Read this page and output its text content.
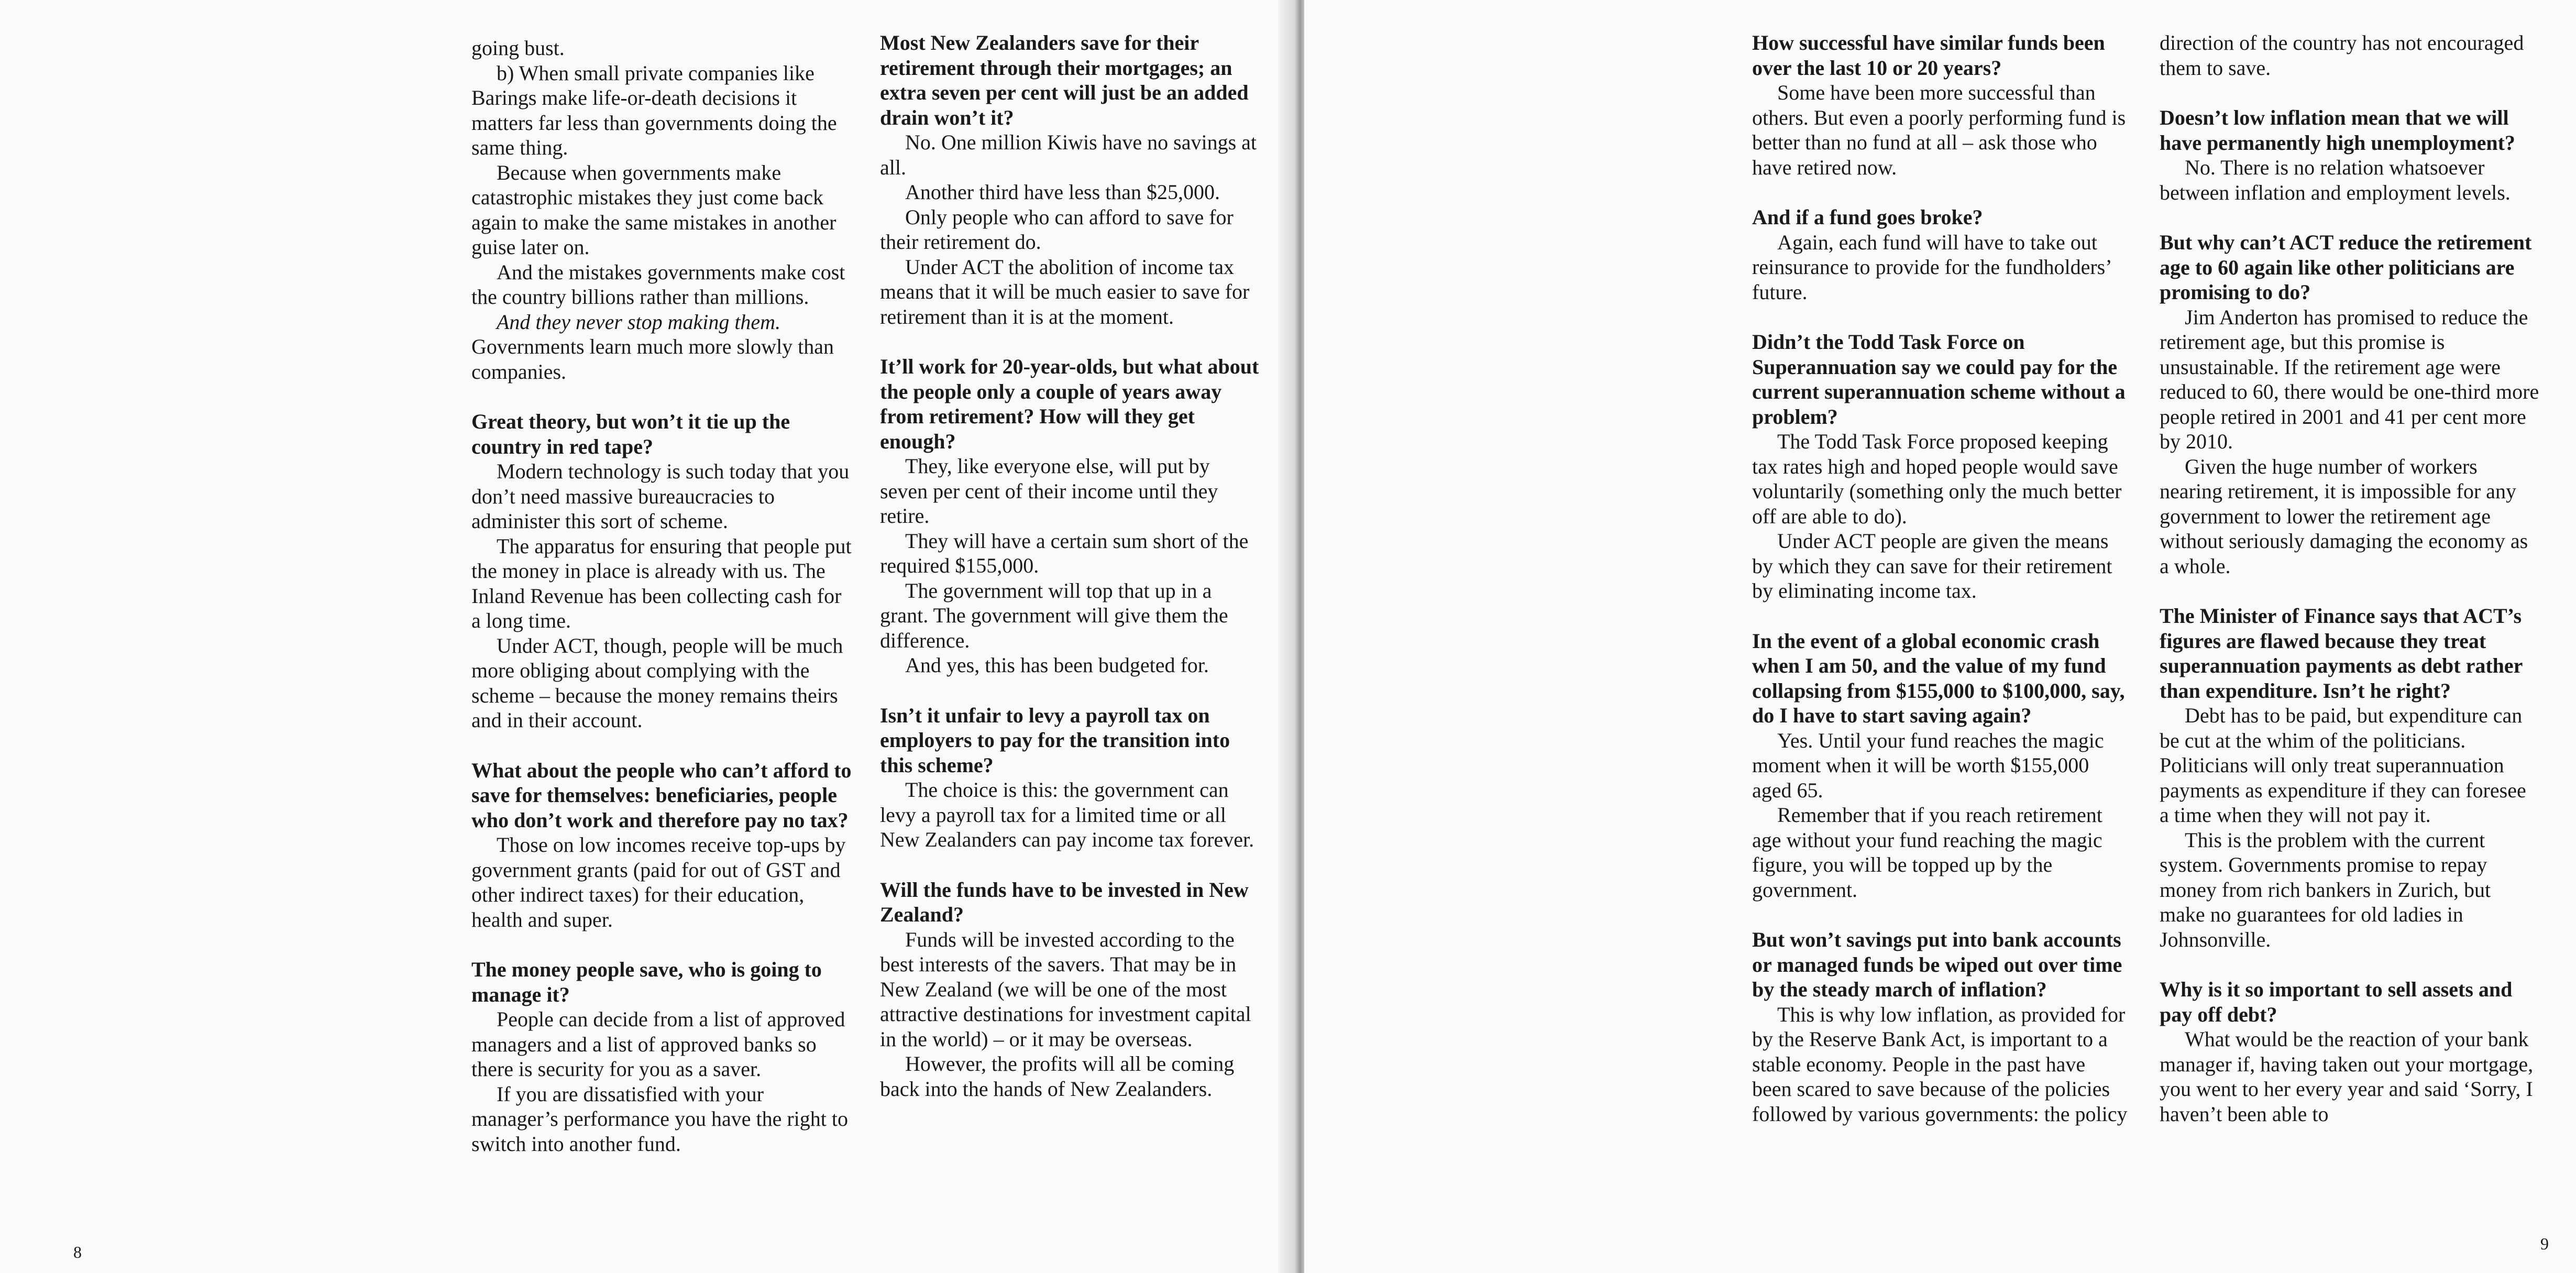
going bust.

b) When small private companies like Barings make life-or-death decisions it matters far less than governments doing the same thing.

Because when governments make catastrophic mistakes they just come back again to make the same mistakes in another guise later on.

And the mistakes governments make cost the country billions rather than millions.

And they never stop making them. Governments learn much more slowly than companies.

Great theory, but won’t it tie up the country in red tape?

Modern technology is such today that you don’t need massive bureaucracies to administer this sort of scheme.

The apparatus for ensuring that people put the money in place is already with us. The Inland Revenue has been collecting cash for a long time.

Under ACT, though, people will be much more obliging about complying with the scheme – because the money remains theirs and in their account.

What about the people who can’t afford to save for themselves: beneficiaries, people who don’t work and therefore pay no tax?

Those on low incomes receive top-ups by government grants (paid for out of GST and other indirect taxes) for their education, health and super.

The money people save, who is going to manage it?

People can decide from a list of approved managers and a list of approved banks so there is security for you as a saver.

If you are dissatisfied with your manager’s performance you have the right to switch into another fund.

Most New Zealanders save for their retirement through their mortgages; an extra seven per cent will just be an added drain won’t it?

No. One million Kiwis have no savings at all.

Another third have less than $25,000.

Only people who can afford to save for their retirement do.

Under ACT the abolition of income tax means that it will be much easier to save for retirement than it is at the moment.

It’ll work for 20-year-olds, but what about the people only a couple of years away from retirement? How will they get enough?

They, like everyone else, will put by seven per cent of their income until they retire.

They will have a certain sum short of the required $155,000.

The government will top that up in a grant. The government will give them the difference.

And yes, this has been budgeted for.

Isn’t it unfair to levy a payroll tax on employers to pay for the transition into this scheme?

The choice is this: the government can levy a payroll tax for a limited time or all New Zealanders can pay income tax forever.

Will the funds have to be invested in New Zealand?

Funds will be invested according to the best interests of the savers. That may be in New Zealand (we will be one of the most attractive destinations for investment capital in the world) – or it may be overseas.

However, the profits will all be coming back into the hands of New Zealanders.

8
How successful have similar funds been over the last 10 or 20 years?

Some have been more successful than others. But even a poorly performing fund is better than no fund at all – ask those who have retired now.

And if a fund goes broke?

Again, each fund will have to take out reinsurance to provide for the fundholders’ future.

Didn’t the Todd Task Force on Superannuation say we could pay for the current superannuation scheme without a problem?

The Todd Task Force proposed keeping tax rates high and hoped people would save voluntarily (something only the much better off are able to do).

Under ACT people are given the means by which they can save for their retirement by eliminating income tax.

In the event of a global economic crash when I am 50, and the value of my fund collapsing from $155,000 to $100,000, say, do I have to start saving again?

Yes. Until your fund reaches the magic moment when it will be worth $155,000 aged 65.

Remember that if you reach retirement age without your fund reaching the magic figure, you will be topped up by the government.

But won’t savings put into bank accounts or managed funds be wiped out over time by the steady march of inflation?

This is why low inflation, as provided for by the Reserve Bank Act, is important to a stable economy. People in the past have been scared to save because of the policies followed by various governments: the policy

direction of the country has not encouraged them to save.

Doesn’t low inflation mean that we will have permanently high unemployment?

No. There is no relation whatsoever between inflation and employment levels.

But why can’t ACT reduce the retirement age to 60 again like other politicians are promising to do?

Jim Anderton has promised to reduce the retirement age, but this promise is unsustainable. If the retirement age were reduced to 60, there would be one-third more people retired in 2001 and 41 per cent more by 2010.

Given the huge number of workers nearing retirement, it is impossible for any government to lower the retirement age without seriously damaging the economy as a whole.

The Minister of Finance says that ACT’s figures are flawed because they treat superannuation payments as debt rather than expenditure. Isn’t he right?

Debt has to be paid, but expenditure can be cut at the whim of the politicians. Politicians will only treat superannuation payments as expenditure if they can foresee a time when they will not pay it.

This is the problem with the current system. Governments promise to repay money from rich bankers in Zurich, but make no guarantees for old ladies in Johnsonville.

Why is it so important to sell assets and pay off debt?

What would be the reaction of your bank manager if, having taken out your mortgage, you went to her every year and said ‘Sorry, I haven’t been able to

9
